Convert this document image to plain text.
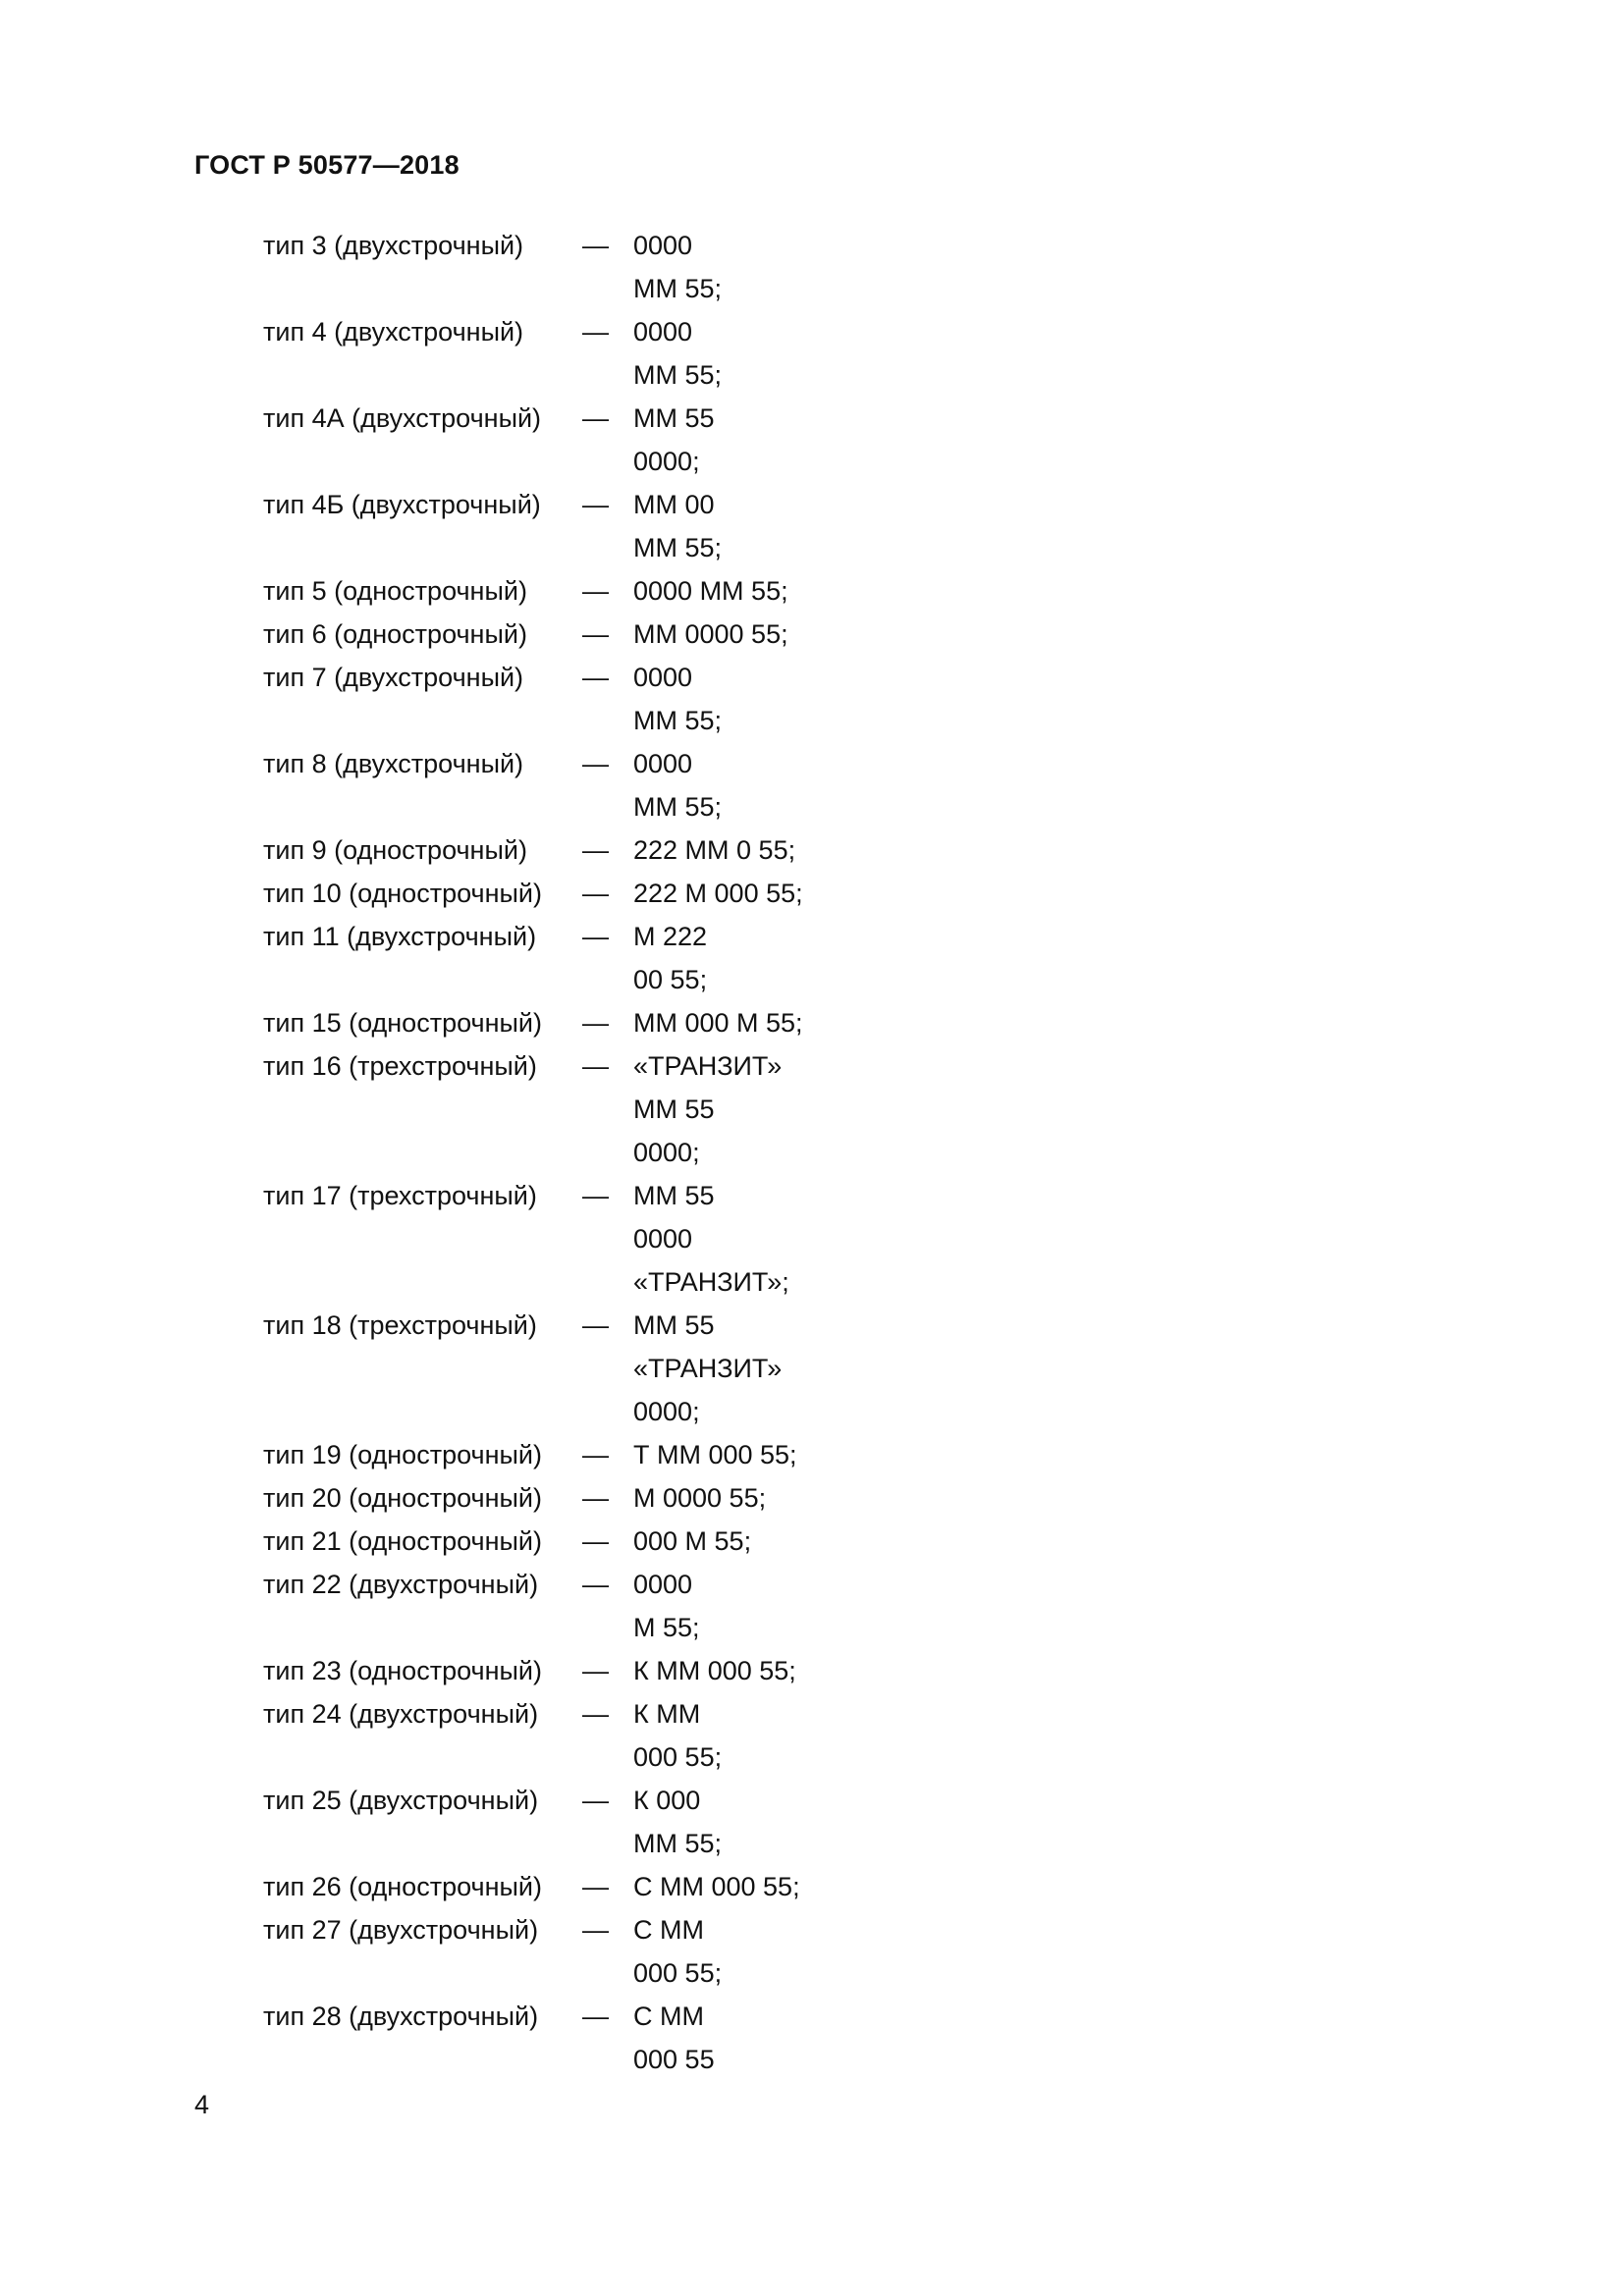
ГОСТ Р 50577—2018
тип 3 (двухстрочный)	— 0000
ММ 55;
тип 4 (двухстрочный)	— 0000
ММ 55;
тип 4А (двухстрочный)	— ММ 55
0000;
тип 4Б (двухстрочный)	— ММ 00
ММ 55;
тип 5 (однострочный)	— 0000 ММ 55;
тип 6 (однострочный)	— ММ 0000 55;
тип 7 (двухстрочный)	— 0000
ММ 55;
тип 8 (двухстрочный)	— 0000
ММ 55;
тип 9 (однострочный)	— 222 ММ 0 55;
тип 10 (однострочный)	— 222 М 000 55;
тип 11 (двухстрочный)	— М 222
00 55;
тип 15 (однострочный)	— ММ 000 М 55;
тип 16 (трехстрочный)	— «ТРАНЗИТ»
ММ 55
0000;
тип 17 (трехстрочный)	— ММ 55
0000
«ТРАНЗИТ»;
тип 18 (трехстрочный)	— ММ 55
«ТРАНЗИТ»
0000;
тип 19 (однострочный)	— Т ММ 000 55;
тип 20 (однострочный)	— М 0000 55;
тип 21 (однострочный)	— 000 М 55;
тип 22 (двухстрочный)	— 0000
М 55;
тип 23 (однострочный)	— К ММ 000 55;
тип 24 (двухстрочный)	— К ММ
000 55;
тип 25 (двухстрочный)	— К 000
ММ 55;
тип 26 (однострочный)	— С ММ 000 55;
тип 27 (двухстрочный)	— С ММ
000 55;
тип 28 (двухстрочный)	— С ММ
000 55
4
